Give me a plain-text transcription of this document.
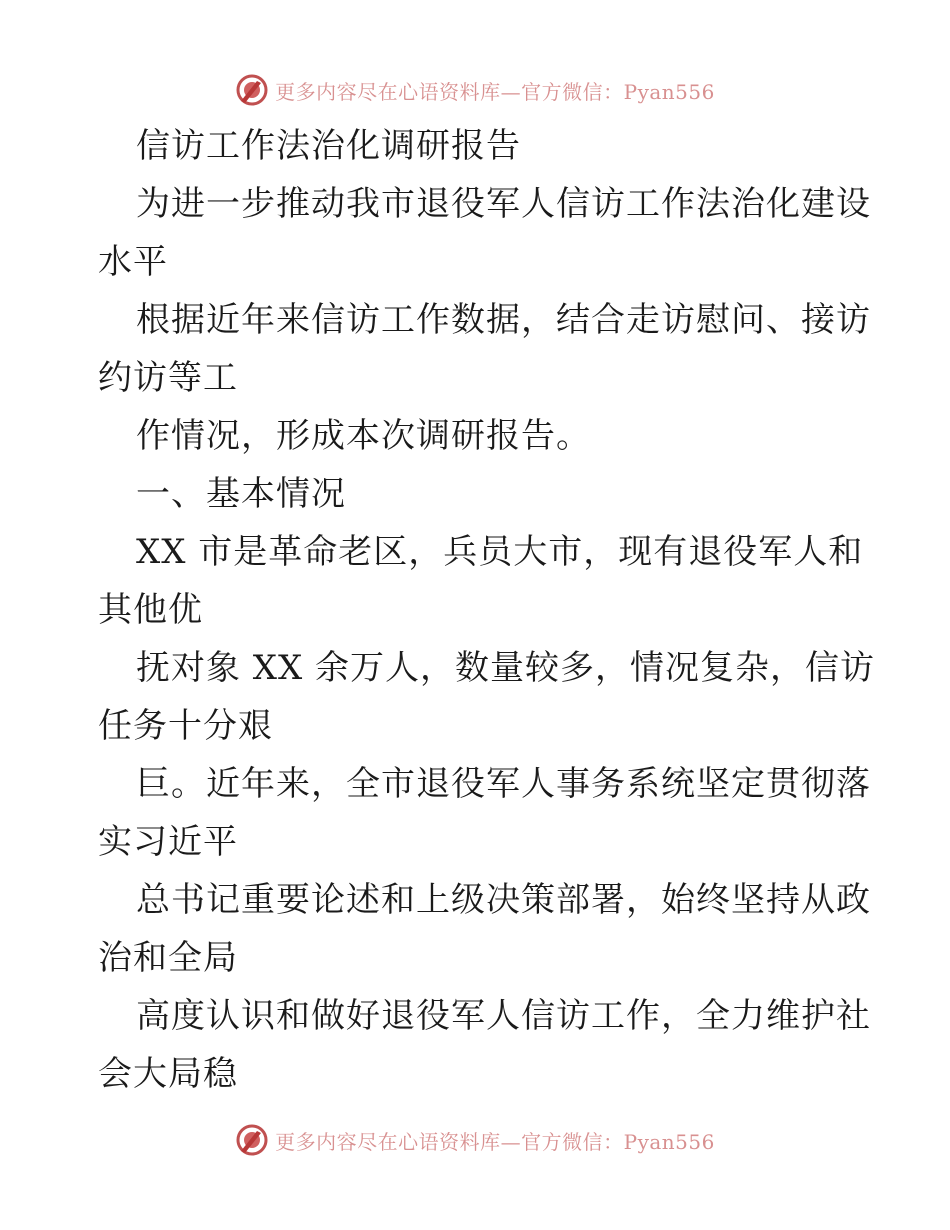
更多内容尽在心语资料库—官方微信：Pyan556
信访工作法治化调研报告
为进一步推动我市退役军人信访工作法治化建设
水平
根据近年来信访工作数据，结合走访慰问、接访
约访等工
作情况，形成本次调研报告。
一、基本情况
XX 市是革命老区，兵员大市，现有退役军人和
其他优
抚对象 XX 余万人，数量较多，情况复杂，信访
任务十分艰
巨。近年来，全市退役军人事务系统坚定贯彻落
实习近平
总书记重要论述和上级决策部署，始终坚持从政
治和全局
高度认识和做好退役军人信访工作，全力维护社
会大局稳
更多内容尽在心语资料库—官方微信：Pyan556
